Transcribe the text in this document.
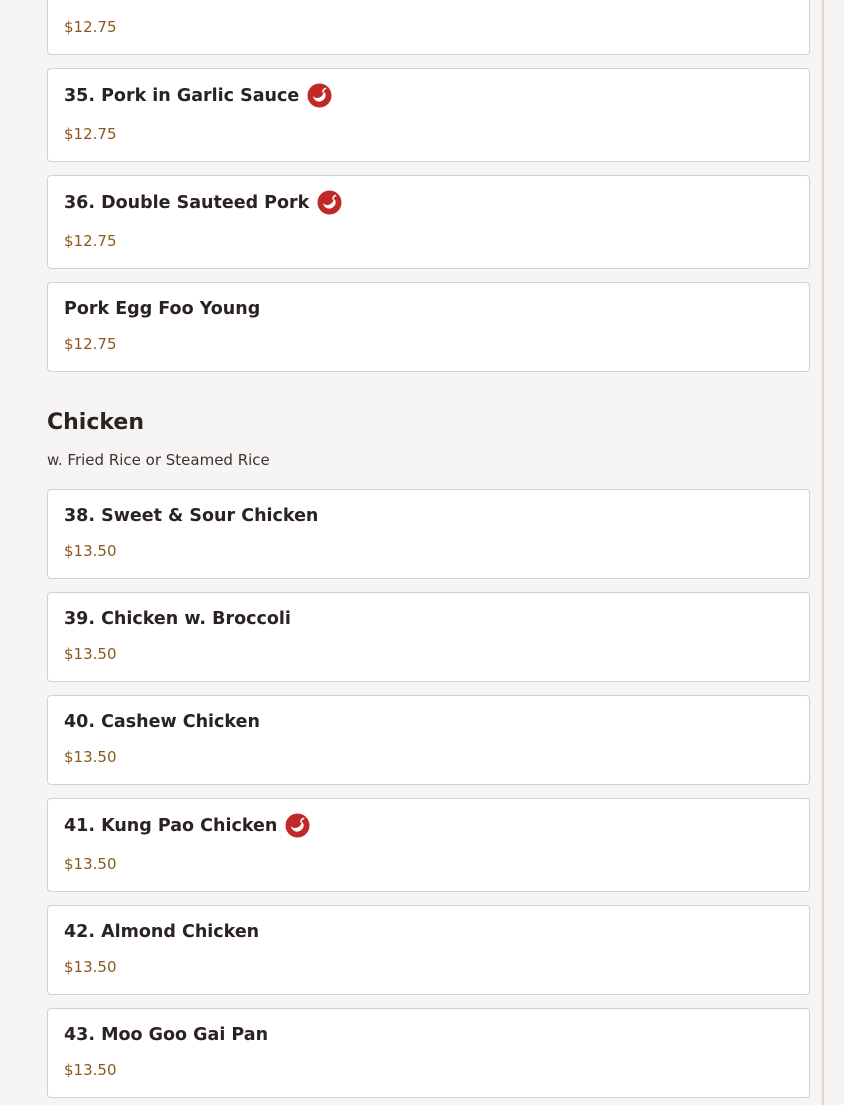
$12.75
35. Pork in Garlic Sauce
$12.75
36. Double Sauteed Pork
$12.75
Pork Egg Foo Young
$12.75
Chicken
w. Fried Rice or Steamed Rice
38. Sweet & Sour Chicken
$13.50
39. Chicken w. Broccoli
$13.50
40. Cashew Chicken
$13.50
41. Kung Pao Chicken
$13.50
42. Almond Chicken
$13.50
43. Moo Goo Gai Pan
$13.50
